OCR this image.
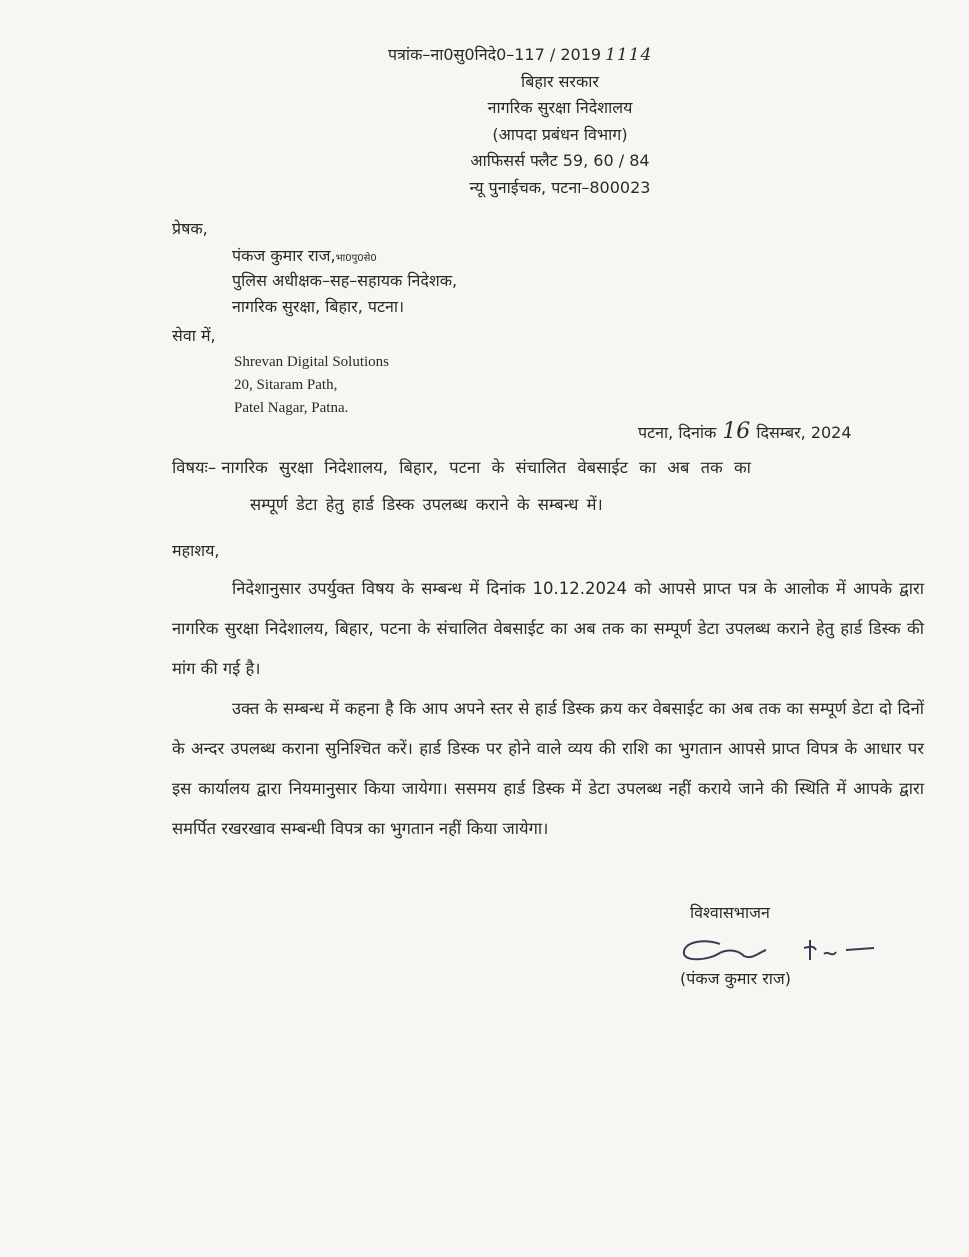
पत्रांक–ना0सु0निदे0–117 / 2019 1114
बिहार सरकार
नागरिक सुरक्षा निदेशालय
(आपदा प्रबंधन विभाग)
आफिसर्स फ्लैट 59, 60 / 84
न्यू पुनाईचक, पटना–800023
प्रेषक,
पंकज कुमार राज,भा0पु0से0
पुलिस अधीक्षक–सह–सहायक निदेशक,
नागरिक सुरक्षा, बिहार, पटना।
सेवा में,
Shrevan Digital Solutions
20, Sitaram Path,
Patel Nagar, Patna.
पटना, दिनांक 16 दिसम्बर, 2024
विषयः– नागरिक सुरक्षा निदेशालय, बिहार, पटना के संचालित वेबसाईट का अब तक का
सम्पूर्ण डेटा हेतु हार्ड डिस्क उपलब्ध कराने के सम्बन्ध में।
महाशय,
निदेशानुसार उपर्युक्त विषय के सम्बन्ध में दिनांक 10.12.2024 को आपसे प्राप्त पत्र के आलोक में आपके द्वारा नागरिक सुरक्षा निदेशालय, बिहार, पटना के संचालित वेबसाईट का अब तक का सम्पूर्ण डेटा उपलब्ध कराने हेतु हार्ड डिस्क की मांग की गई है।
उक्त के सम्बन्ध में कहना है कि आप अपने स्तर से हार्ड डिस्क क्रय कर वेबसाईट का अब तक का सम्पूर्ण डेटा दो दिनों के अन्दर उपलब्ध कराना सुनिश्चित करें। हार्ड डिस्क पर होने वाले व्यय की राशि का भुगतान आपसे प्राप्त विपत्र के आधार पर इस कार्यालय द्वारा नियमानुसार किया जायेगा। ससमय हार्ड डिस्क में डेटा उपलब्ध नहीं कराये जाने की स्थिति में आपके द्वारा समर्पित रखरखाव सम्बन्धी विपत्र का भुगतान नहीं किया जायेगा।
विश्वासभाजन
(पंकज कुमार राज)
